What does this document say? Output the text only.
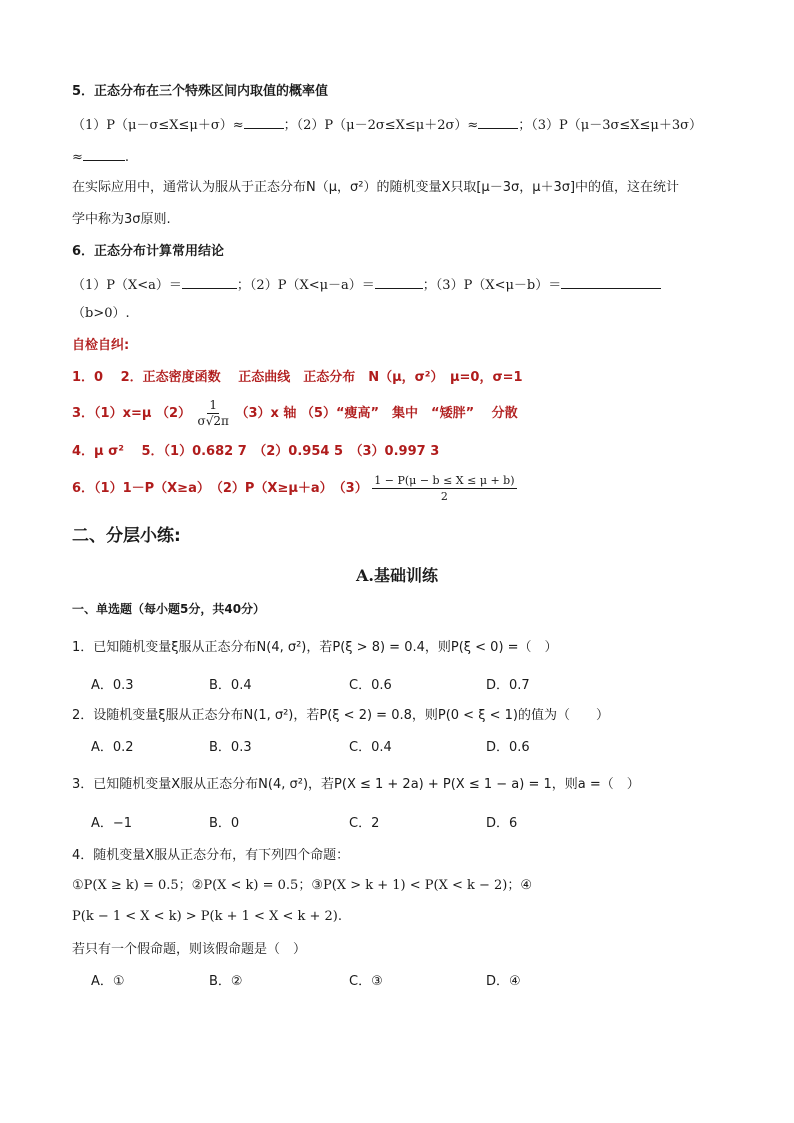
5．正态分布在三个特殊区间内取值的概率值
（1）P（μ－σ≤X≤μ＋σ）≈	；（2）P（μ－2σ≤X≤μ＋2σ）≈	；（3）P（μ－3σ≤X≤μ＋3σ）
≈	.
在实际应用中，通常认为服从于正态分布N（μ，σ²）的随机变量X只取[μ－3σ，μ＋3σ]中的值，这在统计
学中称为3σ原则.
6．正态分布计算常用结论
（1）P（X<a）＝	；（2）P（X<μ－a）＝	；（3）P（X<μ－b）＝
（b>0）.
自检自纠:
1．0　 2．正态密度函数　 正态曲线　正态分布　N（μ，σ²）　μ=0，σ=1
3．（1）x=μ $(2) \frac{1}{\sigma√2\pi} (3)x$ 轴 （5）“瘦高”　集中　“矮胖”　 分散
4．μ σ²　 5．（1）0.682 7　（2）0.954 5　（3）0.997 3
6．（1）1－P（X≥a）　（2）P（X≥μ＋a）　$(3) \frac{1 - P(\mu - b \le X \le \mu + b)}{2}$
二、分层小练:
A.基础训练
一、单选题（每小题5分，共40分）
1．已知随机变量ξ服从正态分布N(4, σ²)，若P(ξ > 8) = 0.4，则P(ξ < 0) =（　）
A．0.3	B．0.4	C．0.6	D．0.7
2．设随机变量ξ服从正态分布N(1, σ²)，若P(ξ < 2) = 0.8，则P(0 < ξ < 1)的值为（　　）
A．0.2	B．0.3	C．0.4	D．0.6
3．已知随机变量X服从正态分布N(4, σ²)，若P(X ≤ 1 + 2a) + P(X ≤ 1 − a) = 1，则a =（　）
A．−1	B．0	C．2	D．6
4．随机变量X服从正态分布，有下列四个命题：
①P(X ≥ k) = 0.5；②P(X < k) = 0.5；③P(X > k + 1) < P(X < k − 2)；④
P(k − 1 < X < k) > P(k + 1 < X < k + 2).
若只有一个假命题，则该假命题是（　）
A．①	B．②	C．③	D．④
